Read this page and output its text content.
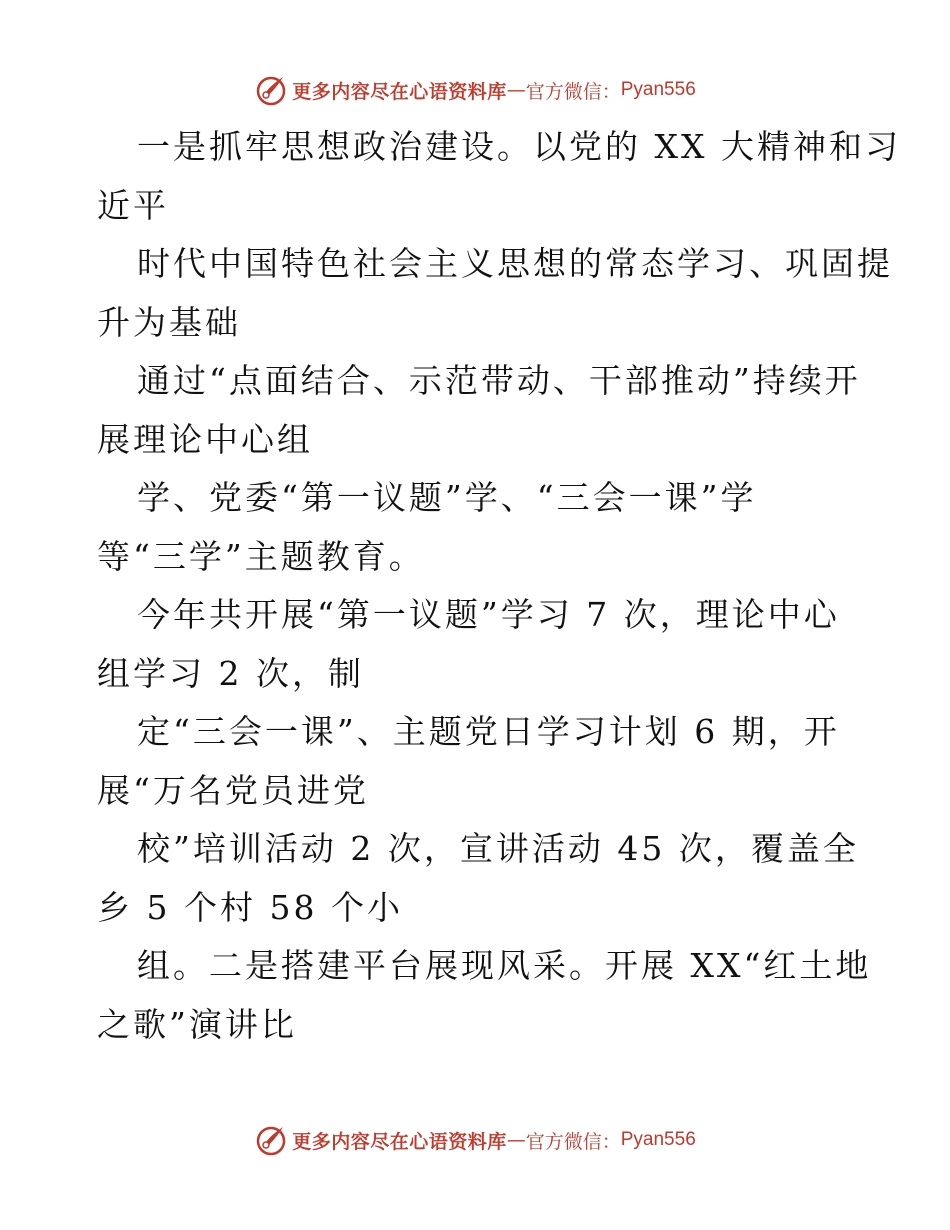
更多内容尽在心语资料库 — 官方微信： Pyan556
一是抓牢思想政治建设。以党的 XX 大精神和习
近平
时代中国特色社会主义思想的常态学习、巩固提
升为基础
通过“点面结合、示范带动、干部推动”持续开
展理论中心组
学、党委“第一议题”学、“三会一课”学
等“三学”主题教育。
今年共开展“第一议题”学习 7 次，理论中心
组学习 2 次，制
定“三会一课”、主题党日学习计划 6 期，开
展“万名党员进党
校”培训活动 2 次，宣讲活动 45 次，覆盖全
乡 5 个村 58 个小
组。二是搭建平台展现风采。开展 XX“红土地
之歌”演讲比
更多内容尽在心语资料库 — 官方微信： Pyan556
